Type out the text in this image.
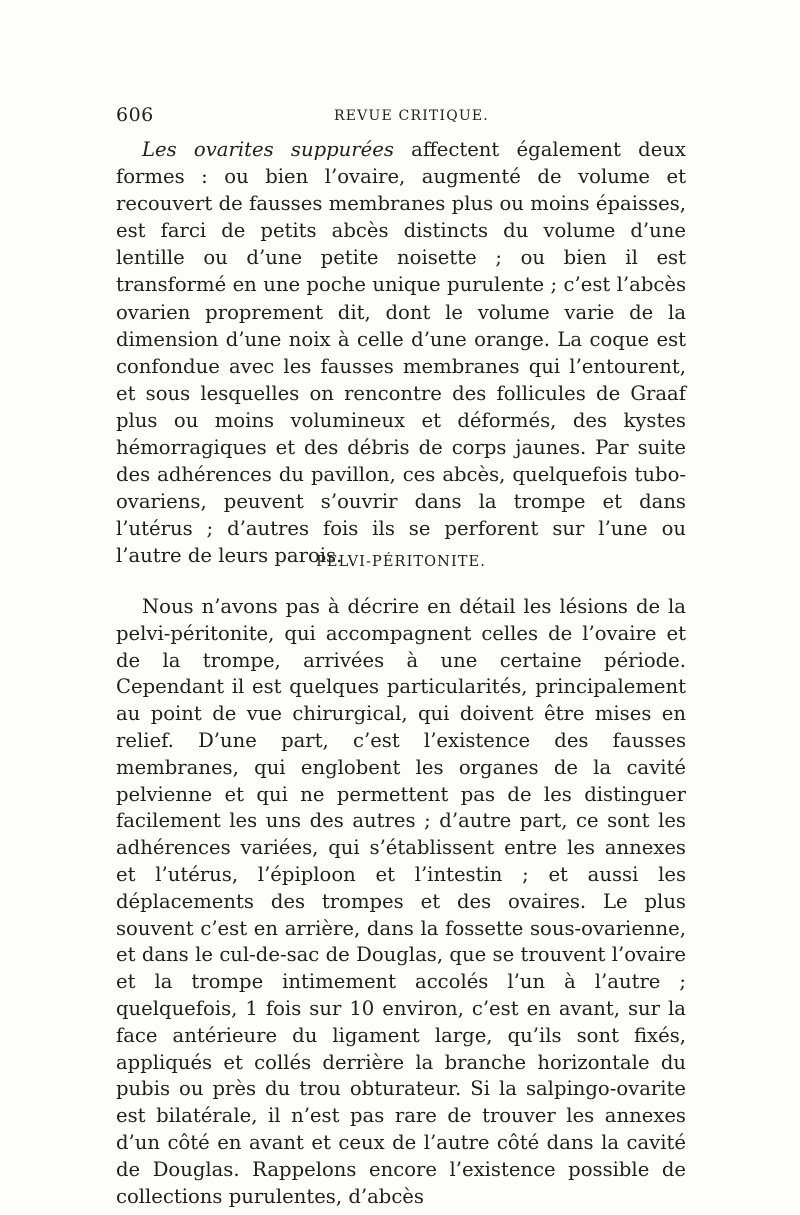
606	REVUE CRITIQUE.

Les ovarites suppurées affectent également deux formes : ou bien l’ovaire, augmenté de volume et recouvert de fausses membranes plus ou moins épaisses, est farci de petits abcès distincts du volume d’une lentille ou d’une petite noisette ; ou bien il est transformé en une poche unique purulente ; c’est l’abcès ovarien proprement dit, dont le volume varie de la dimension d’une noix à celle d’une orange. La coque est confondue avec les fausses membranes qui l’entourent, et sous lesquelles on rencontre des follicules de Graaf plus ou moins volumineux et déformés, des kystes hémorragiques et des débris de corps jaunes. Par suite des adhérences du pavillon, ces abcès, quelquefois tubo-ovariens, peuvent s’ouvrir dans la trompe et dans l’utérus ; d’autres fois ils se perforent sur l’une ou l’autre de leurs parois.

PELVI-PÉRITONITE.

Nous n’avons pas à décrire en détail les lésions de la pelvi-péritonite, qui accompagnent celles de l’ovaire et de la trompe, arrivées à une certaine période. Cependant il est quelques particularités, principalement au point de vue chirurgical, qui doivent être mises en relief. D’une part, c’est l’existence des fausses membranes, qui englobent les organes de la cavité pelvienne et qui ne permettent pas de les distinguer facilement les uns des autres ; d’autre part, ce sont les adhérences variées, qui s’établissent entre les annexes et l’utérus, l’épiploon et l’intestin ; et aussi les déplacements des trompes et des ovaires. Le plus souvent c’est en arrière, dans la fossette sous-ovarienne, et dans le cul-de-sac de Douglas, que se trouvent l’ovaire et la trompe intimement accolés l’un à l’autre ; quelquefois, 1 fois sur 10 environ, c’est en avant, sur la face antérieure du ligament large, qu’ils sont fixés, appliqués et collés derrière la branche horizontale du pubis ou près du trou obturateur. Si la salpingo-ovarite est bilatérale, il n’est pas rare de trouver les annexes d’un côté en avant et ceux de l’autre côté dans la cavité de Douglas. Rappelons encore l’existence possible de collections purulentes, d’abcès
